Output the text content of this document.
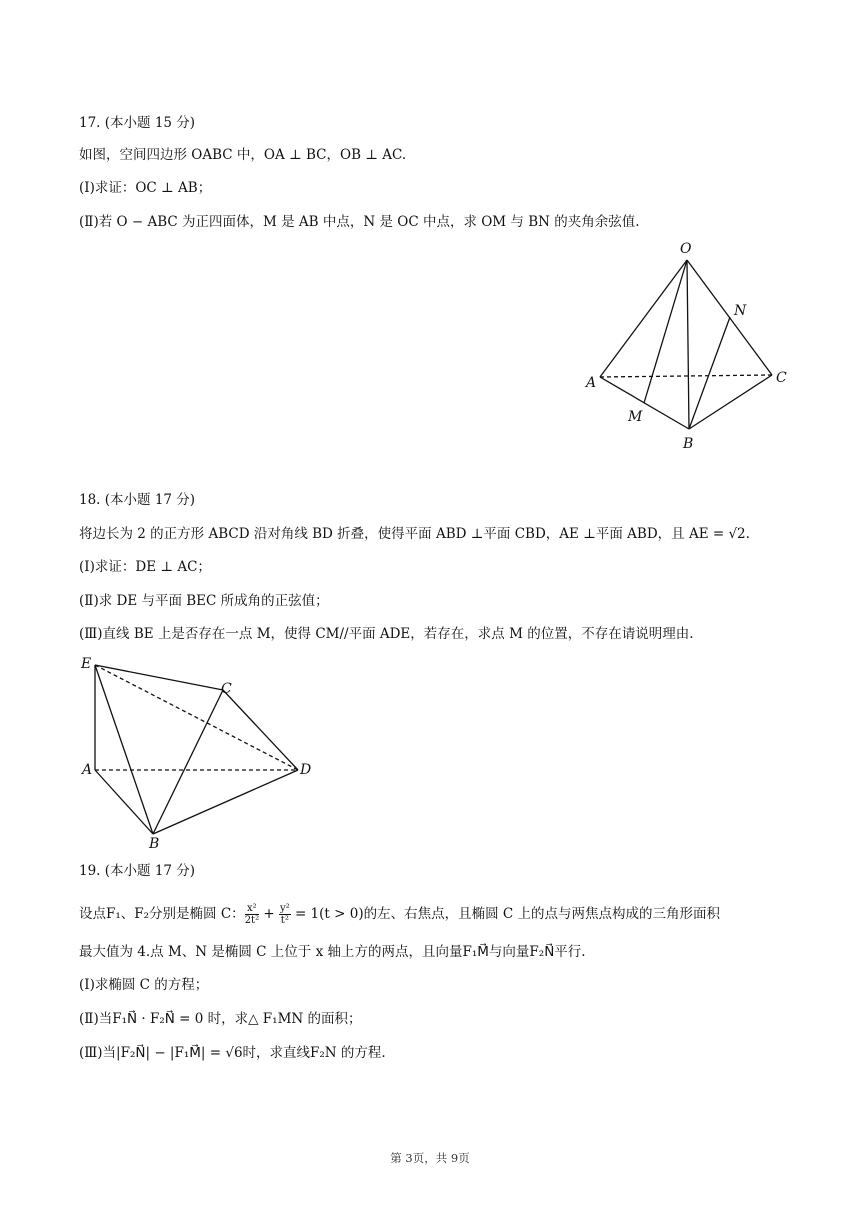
17. (本小题 15 分)
如图，空间四边形 OABC 中，OA ⊥ BC，OB ⊥ AC.
(Ⅰ)求证：OC ⊥ AB；
(Ⅱ)若 O − ABC 为正四面体，M 是 AB 中点，N 是 OC 中点，求 OM 与 BN 的夹角余弦值.
O
N
A	C
M
B
18. (本小题 17 分)
将边长为 2 的正方形 ABCD 沿对角线 BD 折叠，使得平面 ABD ⊥平面 CBD，AE ⊥平面 ABD，且 AE = √2.
(Ⅰ)求证：DE ⊥ AC；
(Ⅱ)求 DE 与平面 BEC 所成角的正弦值；
(Ⅲ)直线 BE 上是否存在一点 M，使得 CM//平面 ADE，若存在，求点 M 的位置，不存在请说明理由.
E
C
A	D
B
19. (本小题 17 分)
设点F₁、F₂分别是椭圆 C： $\frac{\text{x²}}{\text{2t²}} + \frac{\text{y²}}{\text{t²}} = 1(t > 0)$的左、右焦点，且椭圆 C 上的点与两焦点构成的三角形面积
最大值为 4.点 M、N 是椭圆 C 上位于 x 轴上方的两点，且向量F₁M⃗与向量F₂N⃗平行.
(Ⅰ)求椭圆 C 的方程；
(Ⅱ)当F₁N⃗ · F₂N⃗ = 0 时，求△ F₁MN 的面积；
(Ⅲ)当|F₂N⃗| − |F₁M⃗| = √6时，求直线F₂N 的方程.
第 3页，共 9页
